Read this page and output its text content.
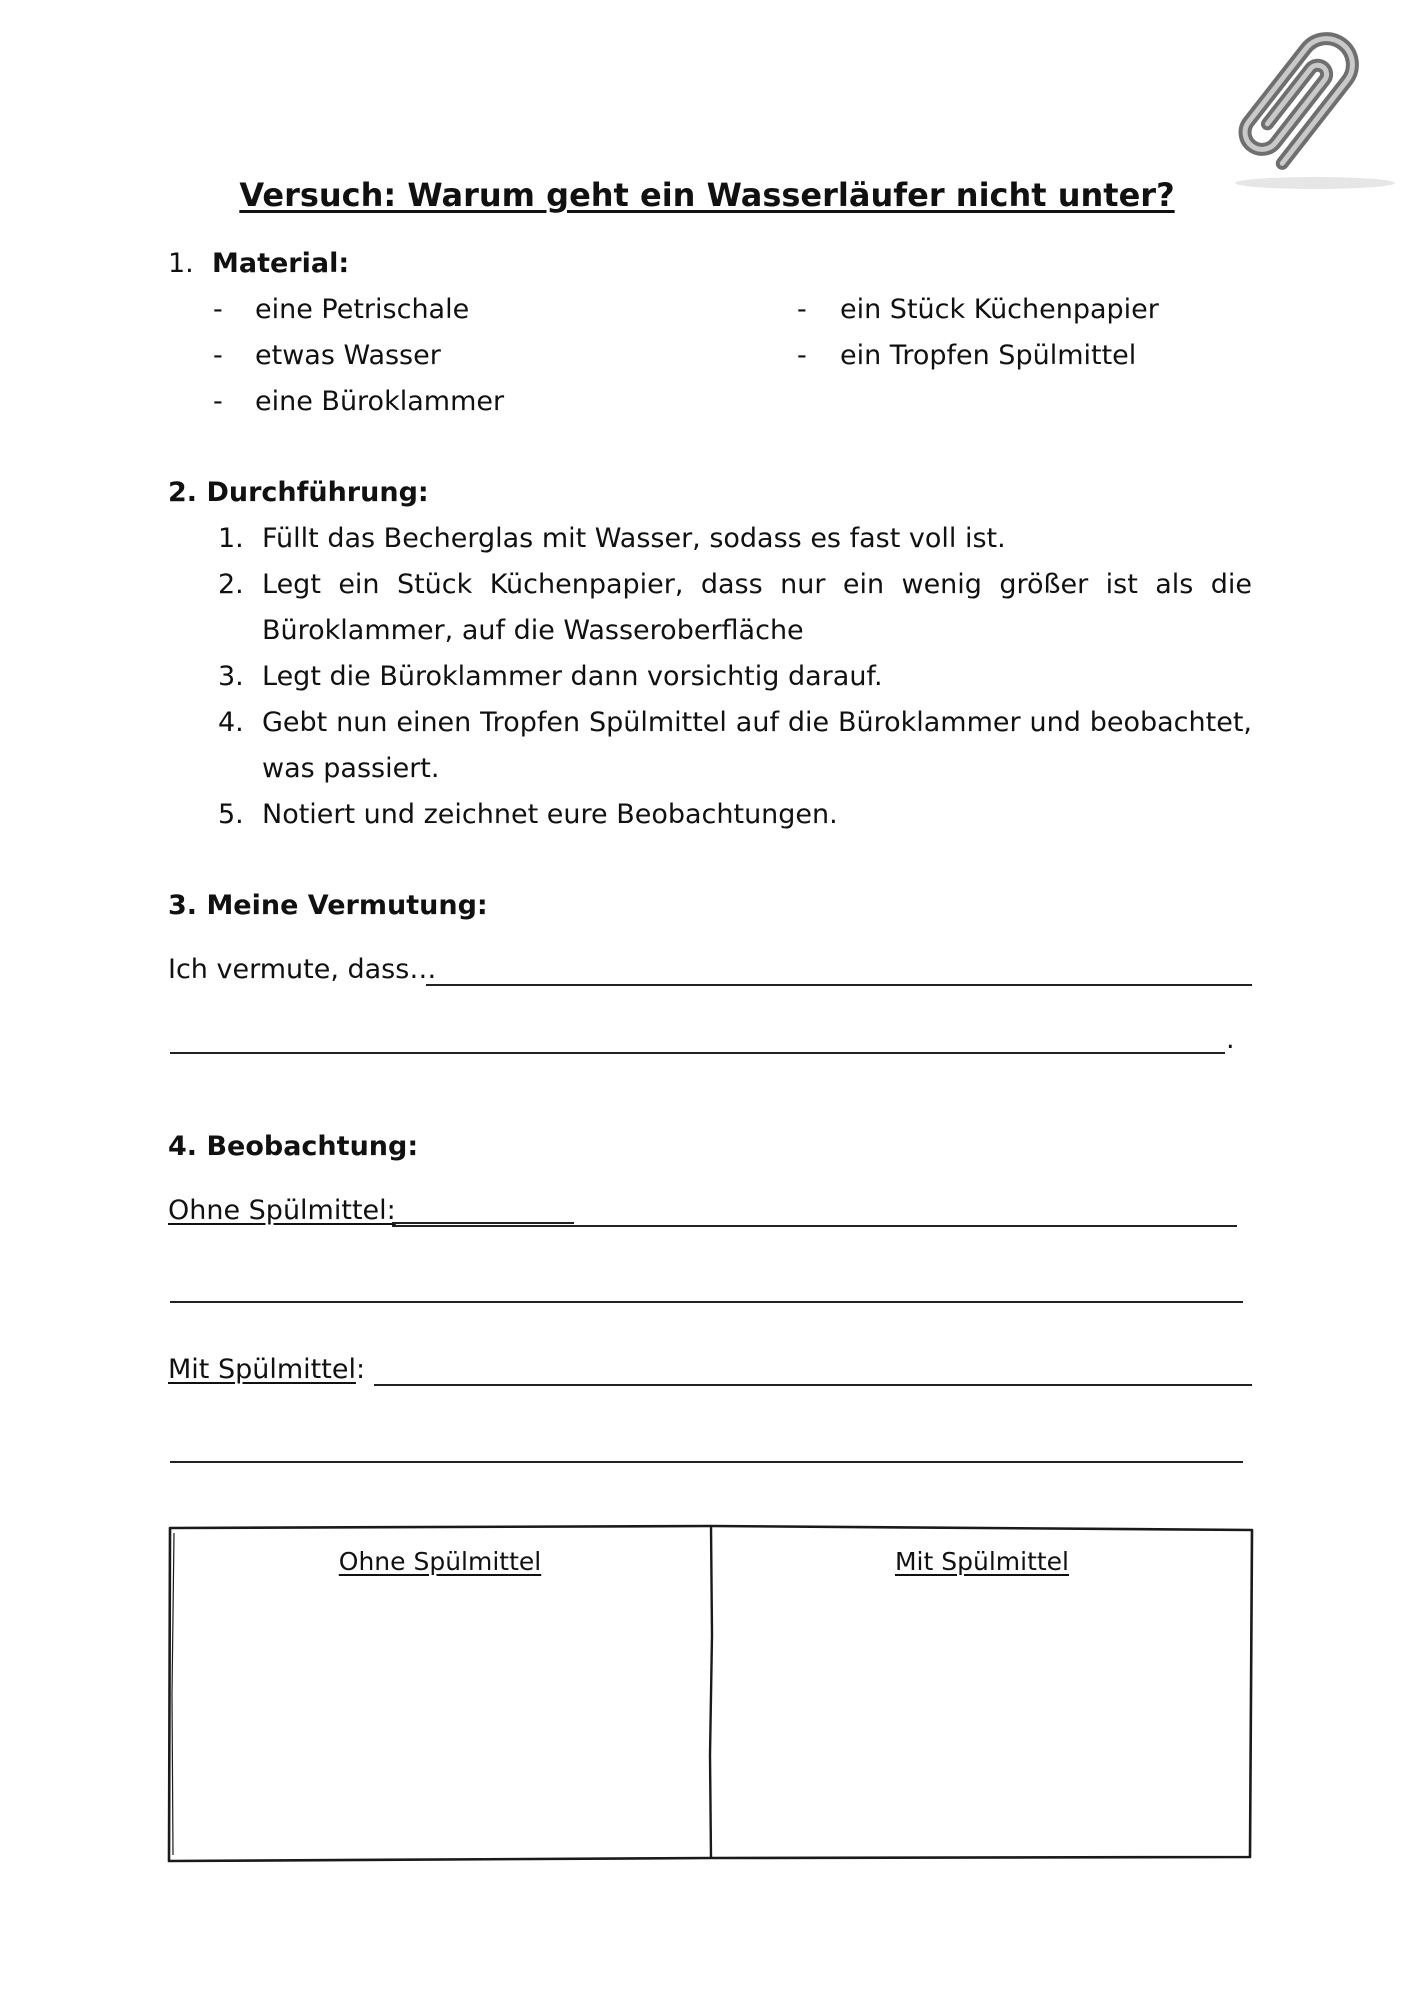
Versuch: Warum geht ein Wasserläufer nicht unter?
1. Material:
- eine Petrischale
- etwas Wasser
- eine Büroklammer
- ein Stück Küchenpapier
- ein Tropfen Spülmittel
2. Durchführung:
1. Füllt das Becherglas mit Wasser, sodass es fast voll ist.
2. Legt ein Stück Küchenpapier, dass nur ein wenig größer ist als die
Büroklammer, auf die Wasseroberfläche
3. Legt die Büroklammer dann vorsichtig darauf.
4. Gebt nun einen Tropfen Spülmittel auf die Büroklammer und beobachtet,
was passiert.
5. Notiert und zeichnet eure Beobachtungen.
3. Meine Vermutung:
Ich vermute, dass…
.
4. Beobachtung:
Ohne Spülmittel:
Mit Spülmittel:
Ohne Spülmittel	Mit Spülmittel
